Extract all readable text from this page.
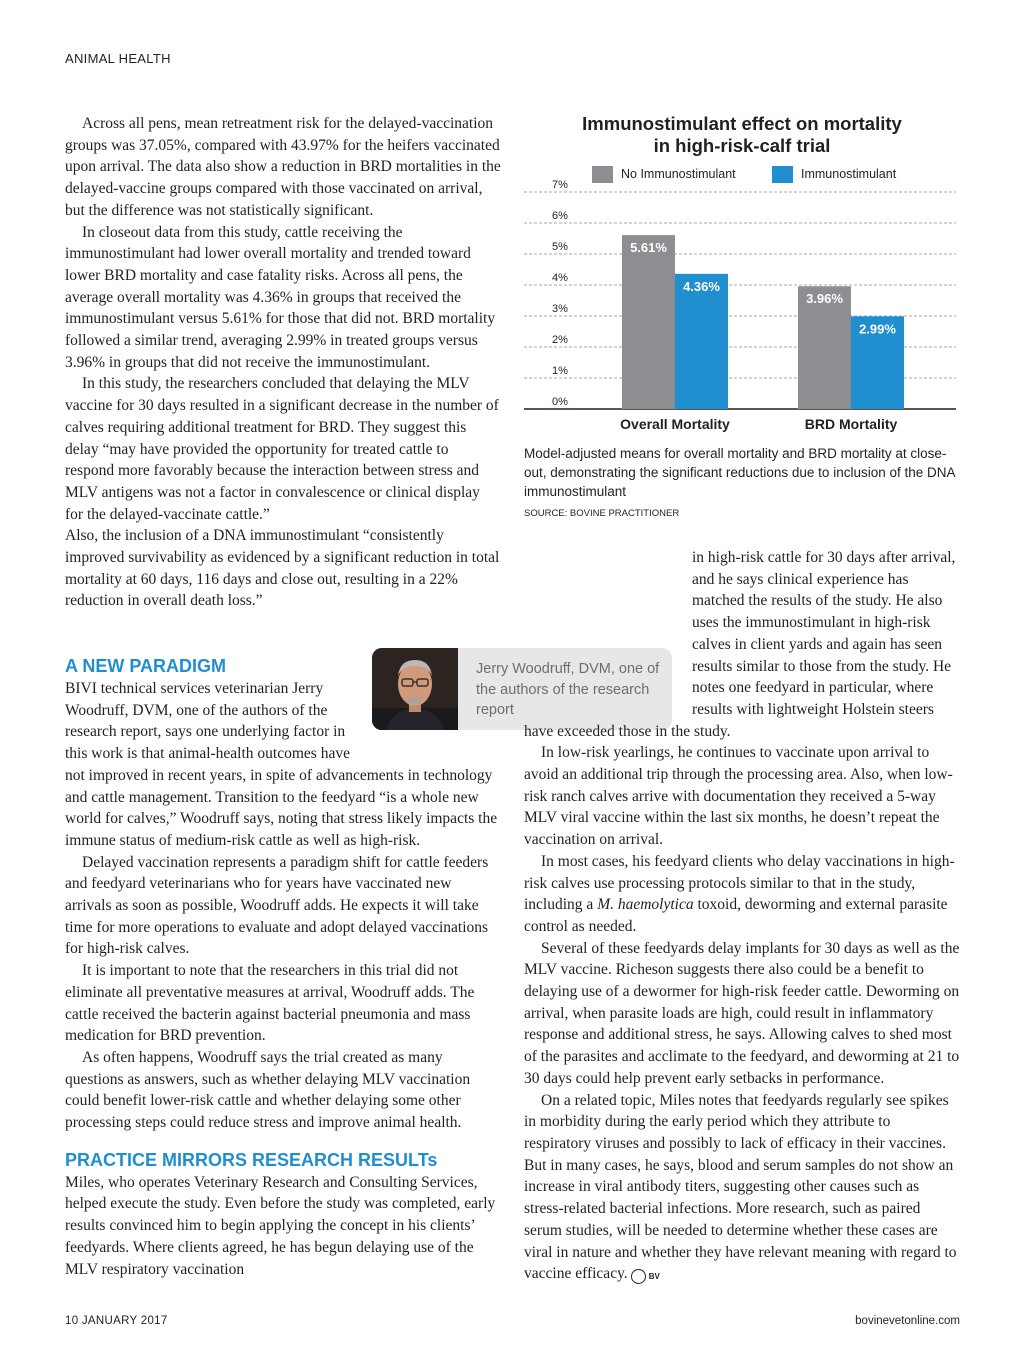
ANIMAL HEALTH

Across all pens, mean retreatment risk for the delayed-vaccination groups was 37.05%, compared with 43.97% for the heifers vaccinated upon arrival. The data also show a reduction in BRD mortalities in the delayed-vaccine groups compared with those vaccinated on arrival, but the difference was not statistically significant.

In closeout data from this study, cattle receiving the immunostimulant had lower overall mortality and trended toward lower BRD mortality and case fatality risks. Across all pens, the average overall mortality was 4.36% in groups that received the immunostimulant versus 5.61% for those that did not. BRD mortality followed a similar trend, averaging 2.99% in treated groups versus 3.96% in groups that did not receive the immunostimulant.

In this study, the researchers concluded that delaying the MLV vaccine for 30 days resulted in a significant decrease in the number of calves requiring additional treatment for BRD. They suggest this delay “may have provided the opportunity for treated cattle to respond more favorably because the interaction between stress and MLV antigens was not a factor in convalescence or clinical display for the delayed-vaccinate cattle.”

Also, the inclusion of a DNA immunostimulant “consistently improved survivability as evidenced by a significant reduction in total mortality at 60 days, 116 days and close out, resulting in a 22% reduction in overall death loss.”

A NEW PARADIGM

BIVI technical services veterinarian Jerry Woodruff, DVM, one of the authors of the research report, says one underlying factor in this work is that animal-health outcomes have not improved in recent years, in spite of advancements in technology and cattle management. Transition to the feedyard “is a whole new world for calves,” Woodruff says, noting that stress likely impacts the immune status of medium-risk cattle as well as high-risk.

Delayed vaccination represents a paradigm shift for cattle feeders and feedyard veterinarians who for years have vaccinated new arrivals as soon as possible, Woodruff adds. He expects it will take time for more operations to evaluate and adopt delayed vaccinations for high-risk calves.

It is important to note that the researchers in this trial did not eliminate all preventative measures at arrival, Woodruff adds. The cattle received the bacterin against bacterial pneumonia and mass medication for BRD prevention.

As often happens, Woodruff says the trial created as many questions as answers, such as whether delaying MLV vaccination could benefit lower-risk cattle and whether delaying some other processing steps could reduce stress and improve animal health.

PRACTICE MIRRORS RESEARCH RESULTs

Miles, who operates Veterinary Research and Consulting Services, helped execute the study. Even before the study was completed, early results convinced him to begin applying the concept in his clients’ feedyards. Where clients agreed, he has begun delaying use of the MLV respiratory vaccination

Jerry Woodruff, DVM, one of the authors of the research report

in high-risk cattle for 30 days after arrival, and he says clinical experience has matched the results of the study. He also uses the immunostimulant in high-risk calves in client yards and again has seen results similar to those from the study. He notes one feedyard in particular, where results with lightweight Holstein steers have exceeded those in the study.

In low-risk yearlings, he continues to vaccinate upon arrival to avoid an additional trip through the processing area. Also, when low-risk ranch calves arrive with documentation they received a 5-way MLV viral vaccine within the last six months, he doesn’t repeat the vaccination on arrival.

In most cases, his feedyard clients who delay vaccinations in high-risk calves use processing protocols similar to that in the study, including a M. haemolytica toxoid, deworming and external parasite control as needed.

Several of these feedyards delay implants for 30 days as well as the MLV vaccine. Richeson suggests there also could be a benefit to delaying use of a dewormer for high-risk feeder cattle. Deworming on arrival, when parasite loads are high, could result in inflammatory response and additional stress, he says. Allowing calves to shed most of the parasites and acclimate to the feedyard, and deworming at 21 to 30 days could help prevent early setbacks in performance.

On a related topic, Miles notes that feedyards regularly see spikes in morbidity during the early period which they attribute to respiratory viruses and possibly to lack of efficacy in their vaccines. But in many cases, he says, blood and serum samples do not show an increase in viral antibody titers, suggesting other causes such as stress-related bacterial infections. More research, such as paired serum studies, will be needed to determine whether these cases are viral in nature and whether they have relevant meaning with regard to vaccine efficacy.	BV

Immunostimulant effect on mortality
in high-risk-calf trial
No Immunostimulant	Immunostimulant
0%
1%
2%
3%
4%
5%
6%
7%
5.61%
4.36%
Overall Mortality
3.96%
2.99%
BRD Mortality
Model-adjusted means for overall mortality and BRD mortality at close-out, demonstrating the significant reductions due to inclusion of the DNA immunostimulant
SOURCE: BOVINE PRACTITIONER
10 JANUARY 2017	bovinevetonline.com
